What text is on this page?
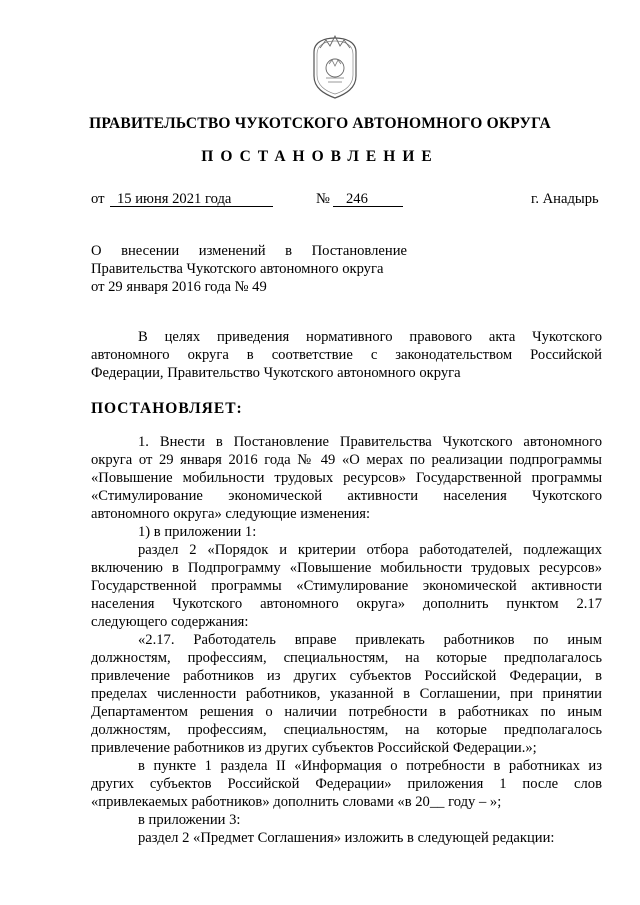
ПРАВИТЕЛЬСТВО ЧУКОТСКОГО АВТОНОМНОГО ОКРУГА
ПОСТАНОВЛЕНИЕ
от 15 июня 2021 года	№	246	г. Анадырь
О внесении изменений в Постановление
Правительства Чукотского автономного округа
от 29 января 2016 года № 49
В целях приведения нормативного правового акта Чукотского
автономного округа в соответствие с законодательством Российской
Федерации, Правительство Чукотского автономного округа
ПОСТАНОВЛЯЕТ:
1. Внести в Постановление Правительства Чукотского автономного
округа от 29 января 2016 года № 49 «О мерах по реализации подпрограммы
«Повышение мобильности трудовых ресурсов» Государственной программы
«Стимулирование экономической активности населения Чукотского
автономного округа» следующие изменения:
1) в приложении 1:
раздел 2 «Порядок и критерии отбора работодателей, подлежащих
включению в Подпрограмму «Повышение мобильности трудовых ресурсов»
Государственной программы «Стимулирование экономической активности
населения Чукотского автономного округа» дополнить пунктом 2.17
следующего содержания:
«2.17. Работодатель вправе привлекать работников по иным
должностям, профессиям, специальностям, на которые предполагалось
привлечение работников из других субъектов Российской Федерации, в
пределах численности работников, указанной в Соглашении, при принятии
Департаментом решения о наличии потребности в работниках по иным
должностям, профессиям, специальностям, на которые предполагалось
привлечение работников из других субъектов Российской Федерации.»;
в пункте 1 раздела II «Информация о потребности в работниках из
других субъектов Российской Федерации» приложения 1 после слов
«привлекаемых работников» дополнить словами «в 20__ году – »;
в приложении 3:
раздел 2 «Предмет Соглашения» изложить в следующей редакции:
